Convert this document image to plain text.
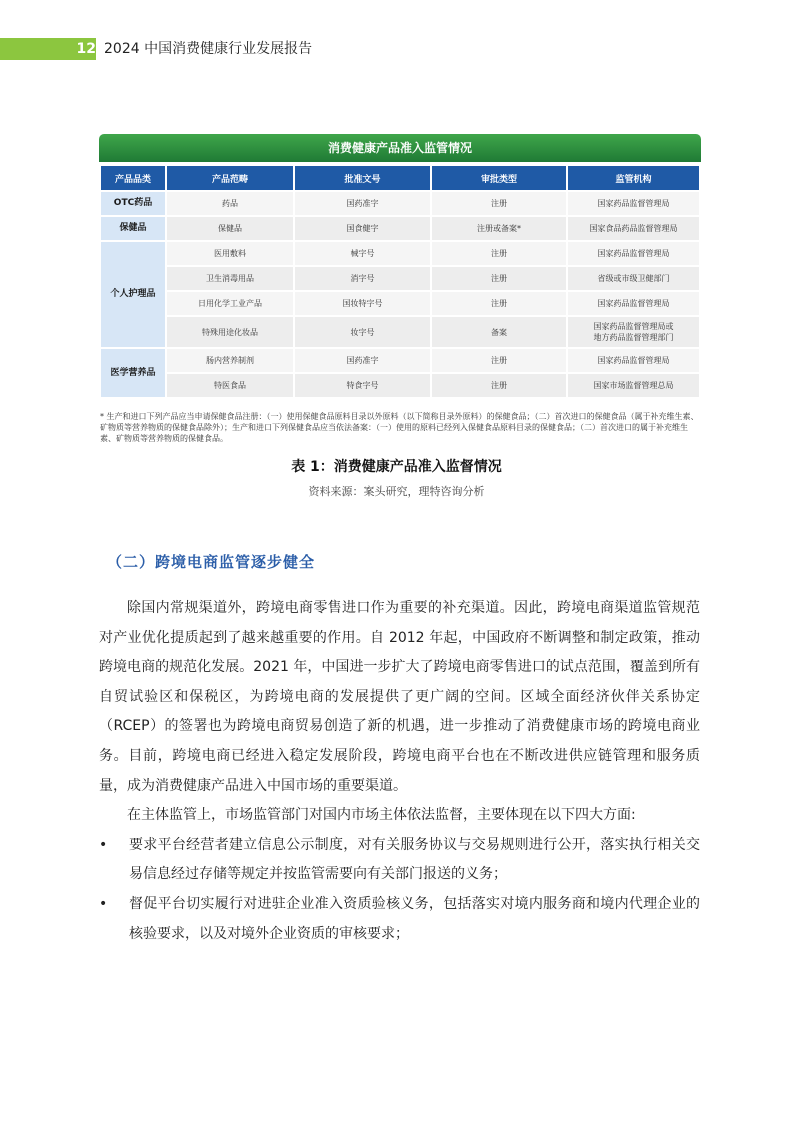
12 2024 中国消费健康行业发展报告
消费健康产品准入监管情况
产品品类	产品范畴	批准文号	审批类型	监管机构
OTC药品	药品	国药准字	注册	国家药品监督管理局
保健品	保健品	国食健字	注册或备案*	国家食品药品监督管理局
个人护理品	医用敷料	械字号	注册	国家药品监督管理局
	卫生消毒用品	消字号	注册	省级或市级卫健部门
	日用化学工业产品	国妆特字号	注册	国家药品监督管理局
	特殊用途化妆品	妆字号	备案	国家药品监督管理局或
地方药品监督管理部门
医学营养品	肠内营养制剂	国药准字	注册	国家药品监督管理局
	特医食品	特食字号	注册	国家市场监督管理总局
* 生产和进口下列产品应当申请保健食品注册：（一）使用保健食品原料目录以外原料（以下简称目录外原料）的保健食品；（二）首次进口的保健食品（属于补充维生素、矿物质等营养物质的保健食品除外）；生产和进口下列保健食品应当依法备案：（一）使用的原料已经列入保健食品原料目录的保健食品；（二）首次进口的属于补充维生素、矿物质等营养物质的保健食品。
表 1：消费健康产品准入监督情况
资料来源：案头研究，理特咨询分析
（二）跨境电商监管逐步健全

除国内常规渠道外，跨境电商零售进口作为重要的补充渠道。因此，跨境电商渠道监管规范对产业优化提质起到了越来越重要的作用。自 2012 年起，中国政府不断调整和制定政策，推动跨境电商的规范化发展。2021 年，中国进一步扩大了跨境电商零售进口的试点范围，覆盖到所有自贸试验区和保税区，为跨境电商的发展提供了更广阔的空间。区域全面经济伙伴关系协定（RCEP）的签署也为跨境电商贸易创造了新的机遇，进一步推动了消费健康市场的跨境电商业务。目前，跨境电商已经进入稳定发展阶段，跨境电商平台也在不断改进供应链管理和服务质量，成为消费健康产品进入中国市场的重要渠道。

在主体监管上，市场监管部门对国内市场主体依法监督，主要体现在以下四大方面:

• 要求平台经营者建立信息公示制度，对有关服务协议与交易规则进行公开，落实执行相关交易信息经过存储等规定并按监管需要向有关部门报送的义务；
• 督促平台切实履行对进驻企业准入资质验核义务，包括落实对境内服务商和境内代理企业的核验要求，以及对境外企业资质的审核要求；
